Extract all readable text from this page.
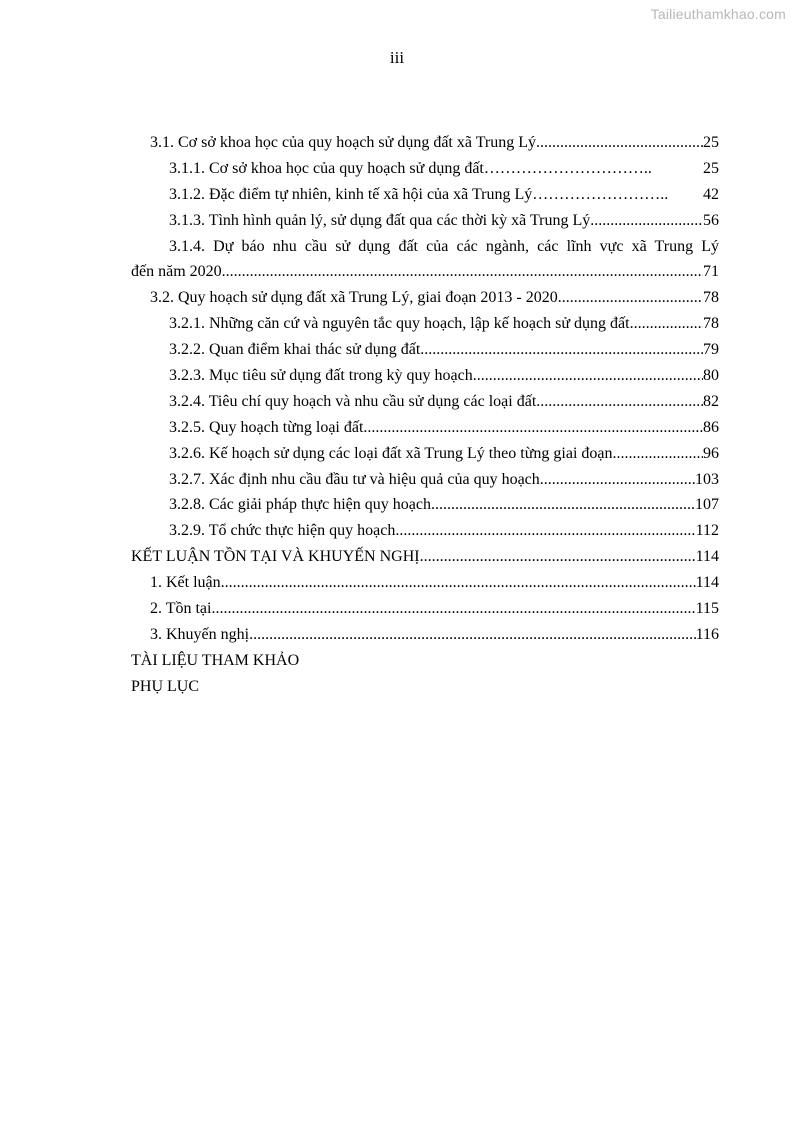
Tailieuthamkhao.com
iii
3.1. Cơ sở khoa học của quy hoạch sử dụng đất xã Trung Lý .....	25
3.1.1. Cơ sở khoa học của quy hoạch sử dụng đất …………………………..	25
3.1.2. Đặc điểm tự nhiên, kinh tế xã hội của xã Trung Lý ……………………..	42
3.1.3. Tình hình quản lý, sử dụng đất qua các thời kỳ xã Trung Lý .....	56
3.1.4. Dự báo nhu cầu sử dụng đất của các ngành, các lĩnh vực xã Trung Lý
đến năm 2020 .....	71
3.2. Quy hoạch sử dụng đất xã Trung Lý, giai đoạn 2013 - 2020 .....	78
3.2.1. Những căn cứ và nguyên tắc quy hoạch, lập kế hoạch sử dụng đất .....	78
3.2.2. Quan điểm khai thác sử dụng đất .....	79
3.2.3. Mục tiêu sử dụng đất trong kỳ quy hoạch .....	80
3.2.4. Tiêu chí quy hoạch và nhu cầu sử dụng các loại đất .....	82
3.2.5. Quy hoạch từng loại đất .....	86
3.2.6. Kế hoạch sử dụng các loại đất xã Trung Lý theo từng giai đoạn .....	96
3.2.7. Xác định nhu cầu đầu tư và hiệu quả của quy hoạch .....	103
3.2.8. Các giải pháp thực hiện quy hoạch .....	107
3.2.9. Tổ chức thực hiện quy hoạch .....	112
KẾT LUẬN TỒN TẠI VÀ KHUYẾN NGHỊ .....	114
1. Kết luận .....	114
2. Tồn tại .....	115
3. Khuyến nghị .....	116
TÀI LIỆU THAM KHẢO
PHỤ LỤC
